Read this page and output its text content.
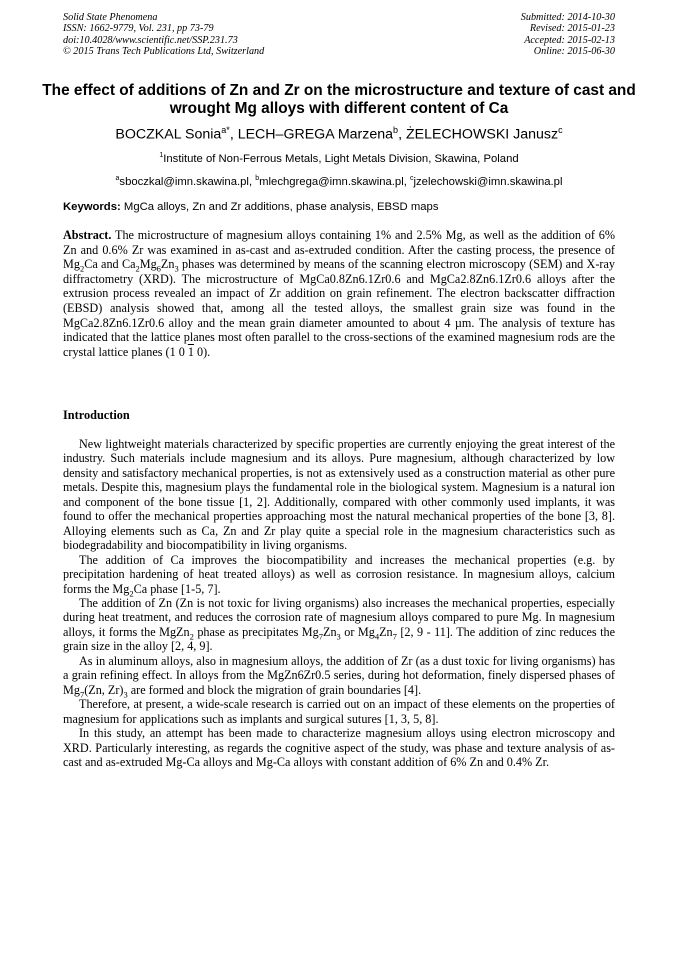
Solid State Phenomena
ISSN: 1662-9779, Vol. 231, pp 73-79
doi:10.4028/www.scientific.net/SSP.231.73
© 2015 Trans Tech Publications Ltd, Switzerland
Submitted: 2014-10-30
Revised: 2015-01-23
Accepted: 2015-02-13
Online: 2015-06-30
The effect of additions of Zn and Zr on the microstructure and texture of cast and wrought Mg alloys with different content of Ca
BOCZKAL Sonia$^{a*}$, LECH–GREGA Marzena$^b$, ŻELECHOWSKI Janusz$^c$
$^1$Institute of Non-Ferrous Metals, Light Metals Division, Skawina, Poland
$^a$sboczkal@imn.skawina.pl, $^b$mlechgrega@imn.skawina.pl, $^c$jzelechowski@imn.skawina.pl
Keywords: MgCa alloys, Zn and Zr additions, phase analysis, EBSD maps
Abstract. The microstructure of magnesium alloys containing 1% and 2.5% Mg, as well as the addition of 6% Zn and 0.6% Zr was examined in as-cast and as-extruded condition. After the casting process, the presence of $Mg_2Ca$ and $Ca_2Mg_6Zn_3$ phases was determined by means of the scanning electron microscopy (SEM) and X-ray diffractometry (XRD). The microstructure of MgCa0.8Zn6.1Zr0.6 and MgCa2.8Zn6.1Zr0.6 alloys after the extrusion process revealed an impact of Zr addition on grain refinement. The electron backscatter diffraction (EBSD) analysis showed that, among all the tested alloys, the smallest grain size was found in the MgCa2.8Zn6.1Zr0.6 alloy and the mean grain diameter amounted to about 4 µm. The analysis of texture has indicated that the lattice planes most often parallel to the cross-sections of the examined magnesium rods are the crystal lattice planes (1 0 1 0).
Introduction

New lightweight materials characterized by specific properties are currently enjoying the great interest of the industry. Such materials include magnesium and its alloys. Pure magnesium, although characterized by low density and satisfactory mechanical properties, is not as extensively used as a construction material as other pure metals. Despite this, magnesium plays the fundamental role in the biological system. Magnesium is a natural ion and component of the bone tissue [1, 2]. Additionally, compared with other commonly used implants, it was found to offer the mechanical properties approaching most the natural mechanical properties of the bone [3, 8]. Alloying elements such as Ca, Zn and Zr play quite a special role in the magnesium characteristics such as biodegradability and biocompatibility in living organisms.

The addition of Ca improves the biocompatibility and increases the mechanical properties (e.g. by precipitation hardening of heat treated alloys) as well as corrosion resistance. In magnesium alloys, calcium forms the $Mg_2Ca$ phase [1-5, 7].

The addition of Zn (Zn is not toxic for living organisms) also increases the mechanical properties, especially during heat treatment, and reduces the corrosion rate of magnesium alloys compared to pure Mg. In magnesium alloys, it forms the MgZn$_2$ phase as precipitates $Mg_7Zn_3$ or $Mg_4Zn_7$ [2, 9 - 11]. The addition of zinc reduces the grain size in the alloy [2, 4, 9].

As in aluminum alloys, also in magnesium alloys, the addition of Zr (as a dust toxic for living organisms) has a grain refining effect. In alloys from the MgZn6Zr0.5 series, during hot deformation, finely dispersed phases of $Mg_7(Zn$, $Zr)_3$ are formed and block the migration of grain boundaries [4].

Therefore, at present, a wide-scale research is carried out on an impact of these elements on the properties of magnesium for applications such as implants and surgical sutures [1, 3, 5, 8].

In this study, an attempt has been made to characterize magnesium alloys using electron microscopy and XRD. Particularly interesting, as regards the cognitive aspect of the study, was phase and texture analysis of as-cast and as-extruded Mg-Ca alloys and Mg-Ca alloys with constant addition of 6% Zn and 0.4% Zr.
